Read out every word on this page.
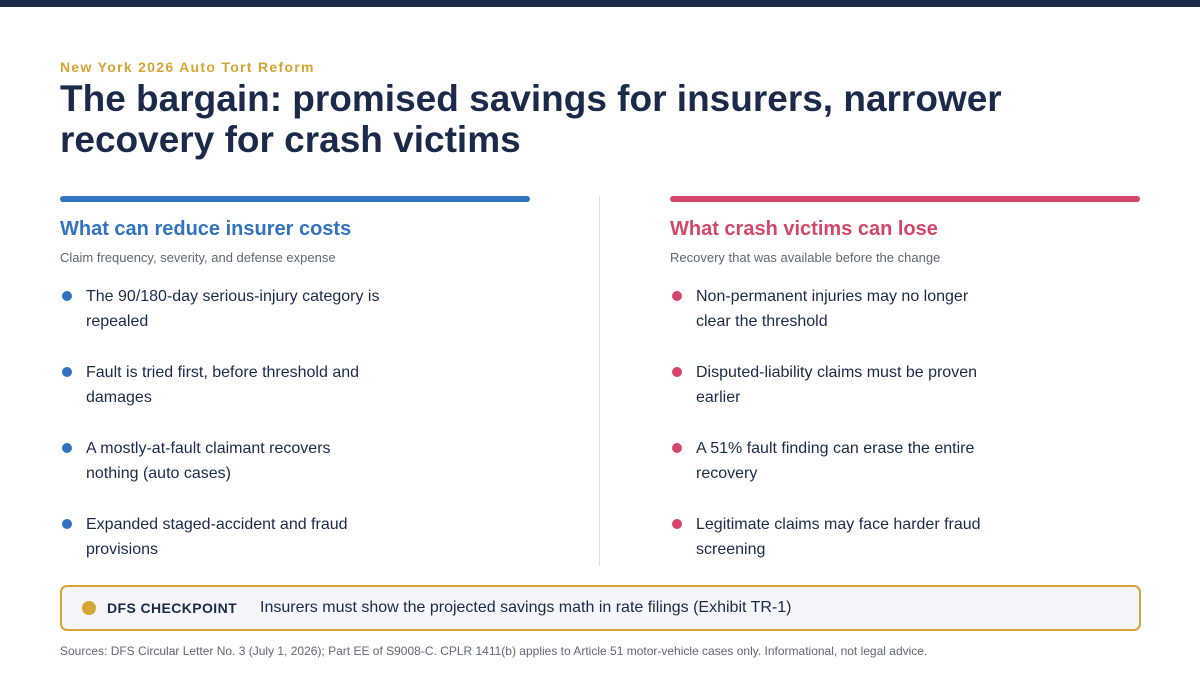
New York 2026 Auto Tort Reform
The bargain: promised savings for insurers, narrower recovery for crash victims
What can reduce insurer costs
Claim frequency, severity, and defense expense
The 90/180-day serious-injury category is repealed
Fault is tried first, before threshold and damages
A mostly-at-fault claimant recovers nothing (auto cases)
Expanded staged-accident and fraud provisions
What crash victims can lose
Recovery that was available before the change
Non-permanent injuries may no longer clear the threshold
Disputed-liability claims must be proven earlier
A 51% fault finding can erase the entire recovery
Legitimate claims may face harder fraud screening
DFS CHECKPOINT Insurers must show the projected savings math in rate filings (Exhibit TR-1)
Sources: DFS Circular Letter No. 3 (July 1, 2026); Part EE of S9008-C. CPLR 1411(b) applies to Article 51 motor-vehicle cases only. Informational, not legal advice.
